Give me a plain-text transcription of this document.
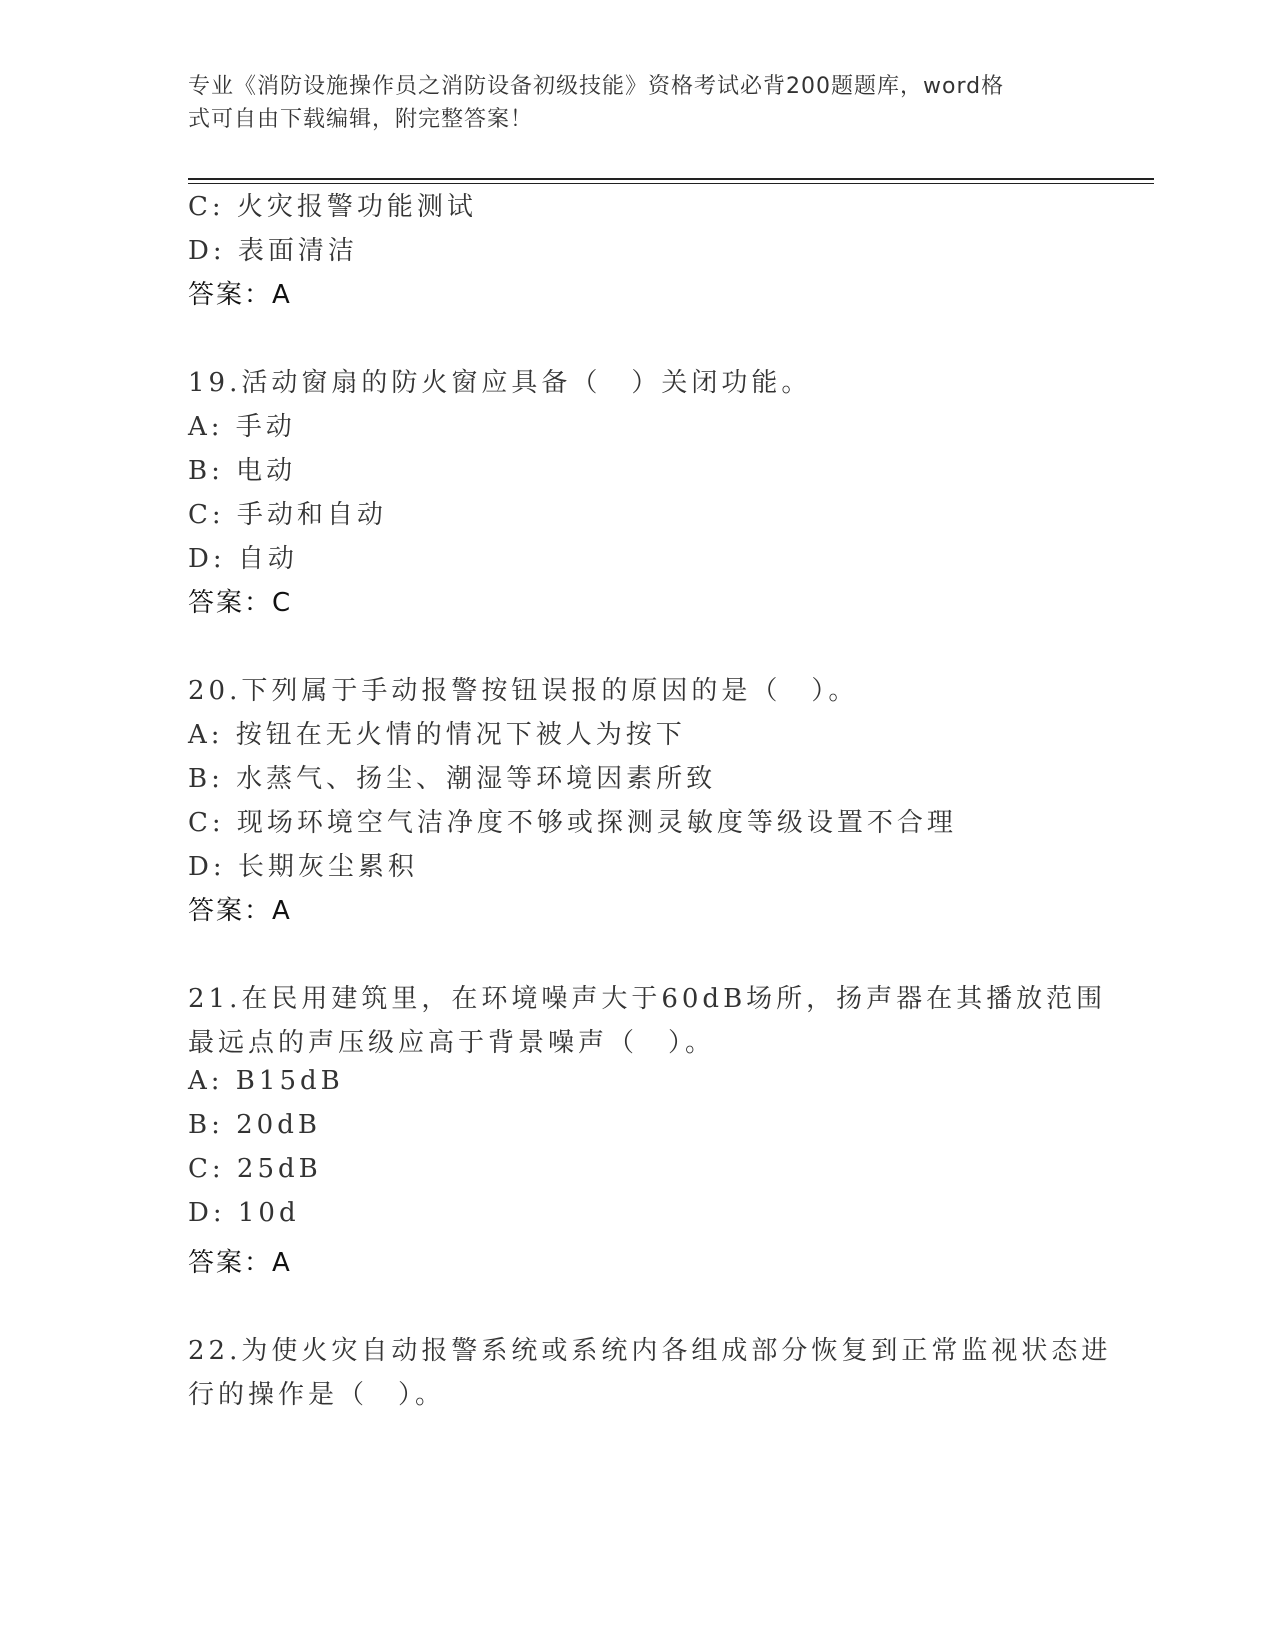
专业《消防设施操作员之消防设备初级技能》资格考试必背200题题库，word格
式可自由下载编辑，附完整答案！
C: 火灾报警功能测试
D: 表面清洁
答案：A
19.活动窗扇的防火窗应具备（　）关闭功能。
A: 手动
B: 电动
C: 手动和自动
D: 自动
答案：C
20.下列属于手动报警按钮误报的原因的是（　）。
A: 按钮在无火情的情况下被人为按下
B: 水蒸气、扬尘、潮湿等环境因素所致
C: 现场环境空气洁净度不够或探测灵敏度等级设置不合理
D: 长期灰尘累积
答案：A
21.在民用建筑里，在环境噪声大于60dB场所，扬声器在其播放范围
最远点的声压级应高于背景噪声（　）。
A: B15dB
B: 20dB
C: 25dB
D: 10d
答案：A
22.为使火灾自动报警系统或系统内各组成部分恢复到正常监视状态进
行的操作是（　）。
